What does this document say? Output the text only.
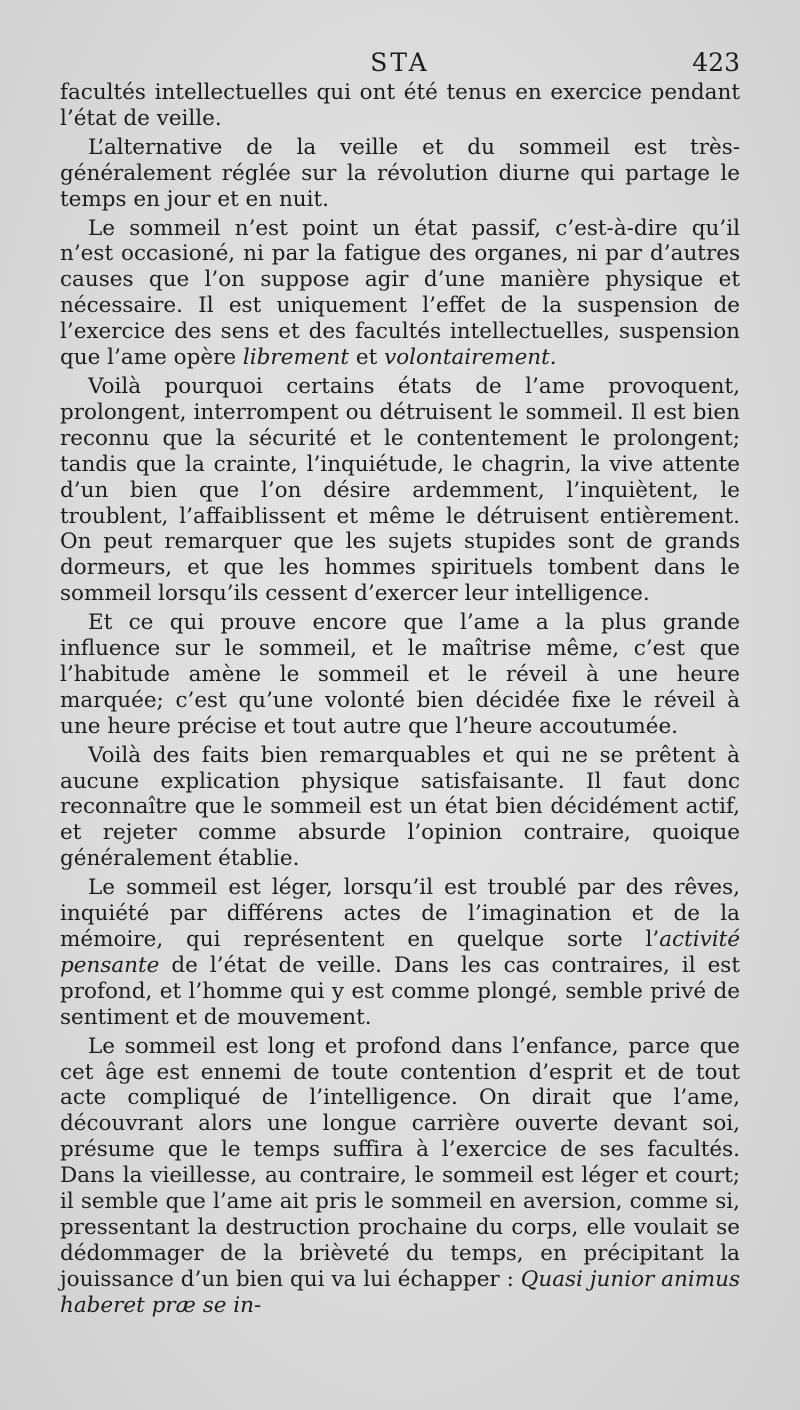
STA	423

facultés intellectuelles qui ont été tenus en exercice pendant l’état de veille.

L’alternative de la veille et du sommeil est très-généralement réglée sur la révolution diurne qui partage le temps en jour et en nuit.

Le sommeil n’est point un état passif, c’est-à-dire qu’il n’est occasioné, ni par la fatigue des organes, ni par d’autres causes que l’on suppose agir d’une manière physique et nécessaire. Il est uniquement l’effet de la suspension de l’exercice des sens et des facultés intellectuelles, suspension que l’ame opère librement et volontairement.

Voilà pourquoi certains états de l’ame provoquent, prolongent, interrompent ou détruisent le sommeil. Il est bien reconnu que la sécurité et le contentement le prolongent; tandis que la crainte, l’inquiétude, le chagrin, la vive attente d’un bien que l’on désire ardemment, l’inquiètent, le troublent, l’affaiblissent et même le détruisent entièrement. On peut remarquer que les sujets stupides sont de grands dormeurs, et que les hommes spirituels tombent dans le sommeil lorsqu’ils cessent d’exercer leur intelligence.

Et ce qui prouve encore que l’ame a la plus grande influence sur le sommeil, et le maîtrise même, c’est que l’habitude amène le sommeil et le réveil à une heure marquée; c’est qu’une volonté bien décidée fixe le réveil à une heure précise et tout autre que l’heure accoutumée.

Voilà des faits bien remarquables et qui ne se prêtent à aucune explication physique satisfaisante. Il faut donc reconnaître que le sommeil est un état bien décidément actif, et rejeter comme absurde l’opinion contraire, quoique généralement établie.

Le sommeil est léger, lorsqu’il est troublé par des rêves, inquiété par différens actes de l’imagination et de la mémoire, qui représentent en quelque sorte l’activité pensante de l’état de veille. Dans les cas contraires, il est profond, et l’homme qui y est comme plongé, semble privé de sentiment et de mouvement.

Le sommeil est long et profond dans l’enfance, parce que cet âge est ennemi de toute contention d’esprit et de tout acte compliqué de l’intelligence. On dirait que l’ame, découvrant alors une longue carrière ouverte devant soi, présume que le temps suffira à l’exercice de ses facultés. Dans la vieillesse, au contraire, le sommeil est léger et court; il semble que l’ame ait pris le sommeil en aversion, comme si, pressentant la destruction prochaine du corps, elle voulait se dédommager de la brièveté du temps, en précipitant la jouissance d’un bien qui va lui échapper : Quasi junior animus haberet præ se in-
